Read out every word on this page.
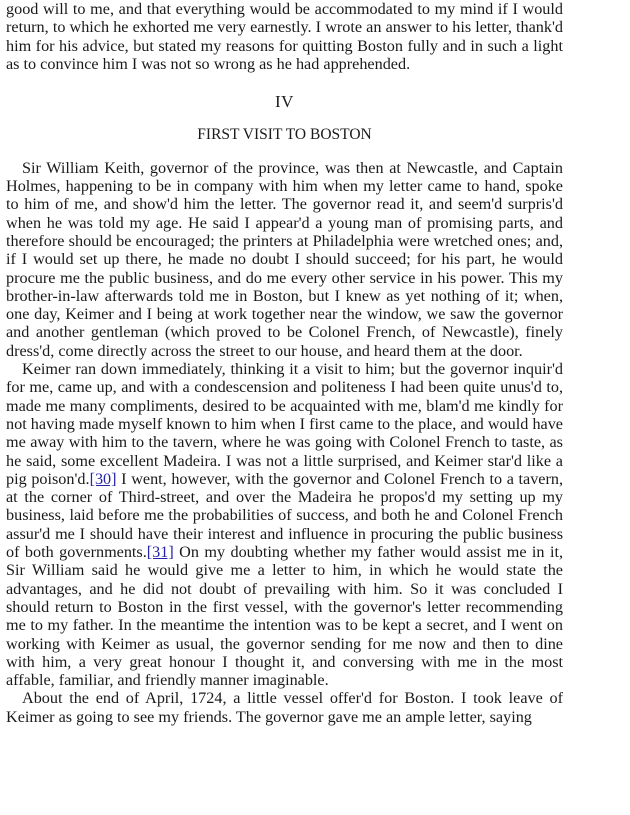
good will to me, and that everything would be accommodated to my mind if I would return, to which he exhorted me very earnestly. I wrote an answer to his letter, thank'd him for his advice, but stated my reasons for quitting Boston fully and in such a light as to convince him I was not so wrong as he had apprehended.

IV
FIRST VISIT TO BOSTON

Sir William Keith, governor of the province, was then at Newcastle, and Captain Holmes, happening to be in company with him when my letter came to hand, spoke to him of me, and show'd him the letter. The governor read it, and seem'd surpris'd when he was told my age. He said I appear'd a young man of promising parts, and therefore should be encouraged; the printers at Philadelphia were wretched ones; and, if I would set up there, he made no doubt I should succeed; for his part, he would procure me the public business, and do me every other service in his power. This my brother-in-law afterwards told me in Boston, but I knew as yet nothing of it; when, one day, Keimer and I being at work together near the window, we saw the governor and another gentleman (which proved to be Colonel French, of Newcastle), finely dress'd, come directly across the street to our house, and heard them at the door.

Keimer ran down immediately, thinking it a visit to him; but the governor inquir'd for me, came up, and with a condescension and politeness I had been quite unus'd to, made me many compliments, desired to be acquainted with me, blam'd me kindly for not having made myself known to him when I first came to the place, and would have me away with him to the tavern, where he was going with Colonel French to taste, as he said, some excellent Madeira. I was not a little surprised, and Keimer star'd like a pig poison'd.[30] I went, however, with the governor and Colonel French to a tavern, at the corner of Third-street, and over the Madeira he propos'd my setting up my business, laid before me the probabilities of success, and both he and Colonel French assur'd me I should have their interest and influence in procuring the public business of both governments.[31] On my doubting whether my father would assist me in it, Sir William said he would give me a letter to him, in which he would state the advantages, and he did not doubt of prevailing with him. So it was concluded I should return to Boston in the first vessel, with the governor's letter recommending me to my father. In the meantime the intention was to be kept a secret, and I went on working with Keimer as usual, the governor sending for me now and then to dine with him, a very great honour I thought it, and conversing with me in the most affable, familiar, and friendly manner imaginable.

About the end of April, 1724, a little vessel offer'd for Boston. I took leave of Keimer as going to see my friends. The governor gave me an ample letter, saying
